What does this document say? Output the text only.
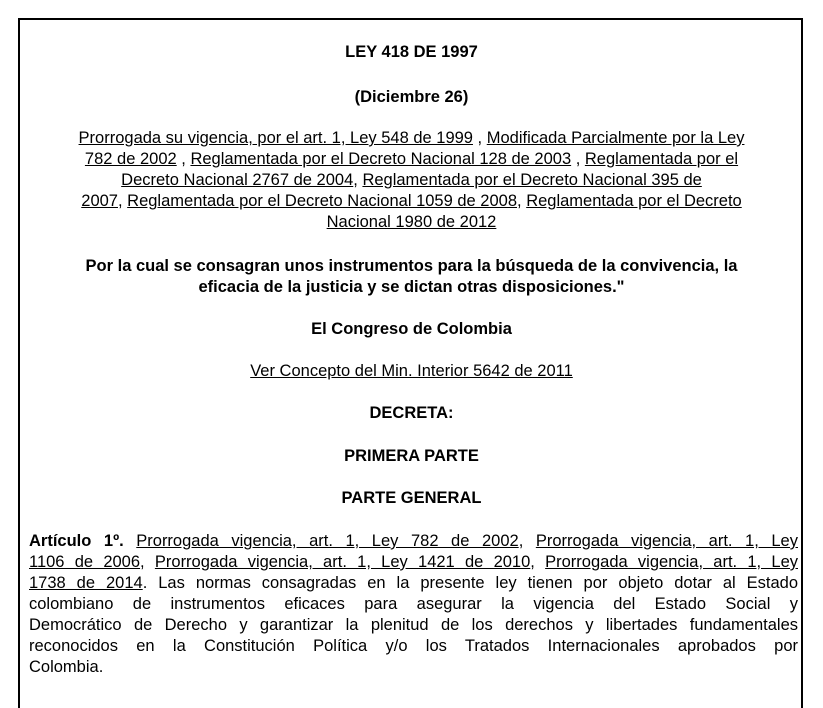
LEY 418 DE 1997
(Diciembre 26)
Prorrogada su vigencia, por el art. 1, Ley 548 de 1999 , Modificada Parcialmente por la Ley
782 de 2002 , Reglamentada por el Decreto Nacional 128 de 2003 , Reglamentada por el
Decreto Nacional 2767 de 2004, Reglamentada por el Decreto Nacional 395 de
2007, Reglamentada por el Decreto Nacional 1059 de 2008, Reglamentada por el Decreto
Nacional 1980 de 2012
Por la cual se consagran unos instrumentos para la búsqueda de la convivencia, la
eficacia de la justicia y se dictan otras disposiciones."
El Congreso de Colombia
Ver Concepto del Min. Interior 5642 de 2011
DECRETA:
PRIMERA PARTE
PARTE GENERAL
Artículo 1º. Prorrogada vigencia, art. 1, Ley 782 de 2002, Prorrogada vigencia, art. 1, Ley
1106 de 2006, Prorrogada vigencia, art. 1, Ley 1421 de 2010, Prorrogada vigencia, art. 1, Ley
1738 de 2014. Las normas consagradas en la presente ley tienen por objeto dotar al Estado
colombiano de instrumentos eficaces para asegurar la vigencia del Estado Social y
Democrático de Derecho y garantizar la plenitud de los derechos y libertades fundamentales
reconocidos en la Constitución Política y/o los Tratados Internacionales aprobados por
Colombia.
